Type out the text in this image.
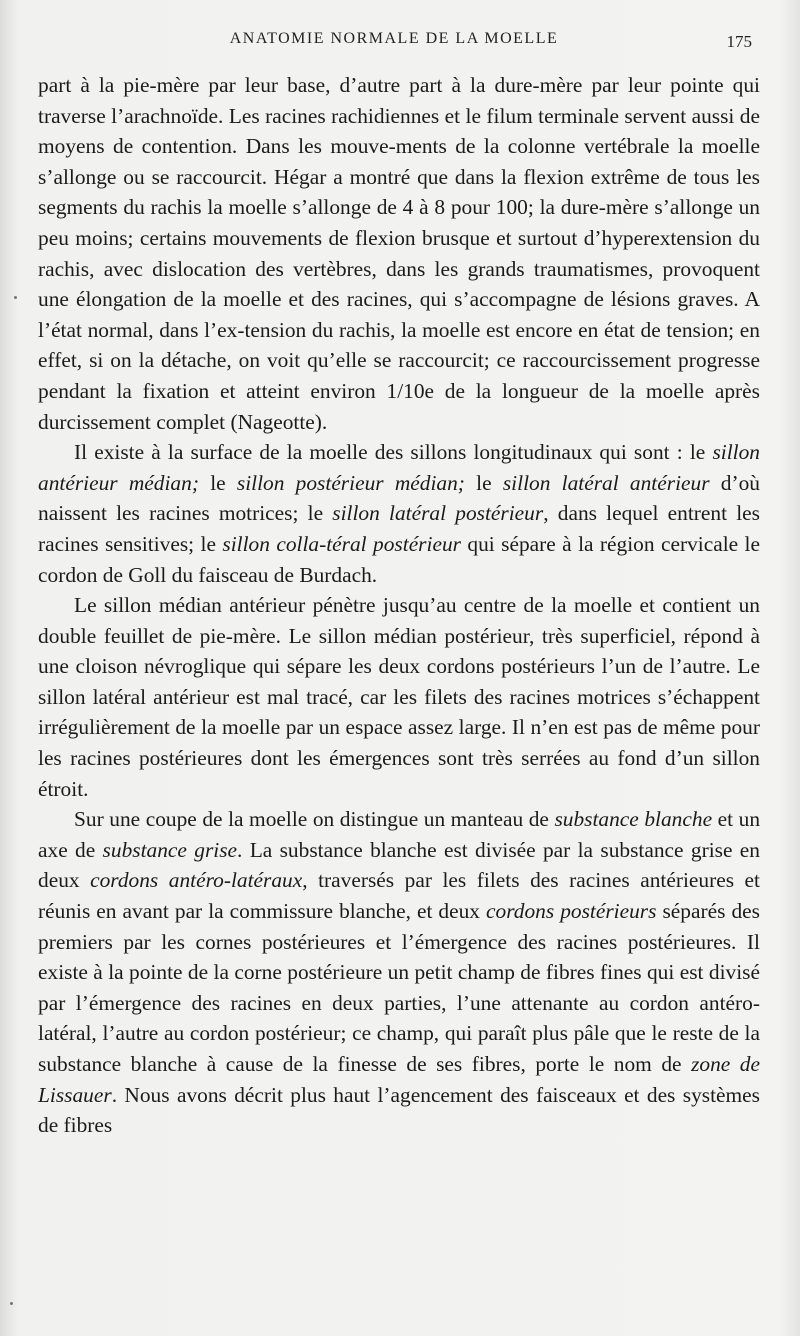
ANATOMIE NORMALE DE LA MOELLE	175

part à la pie-mère par leur base, d’autre part à la dure-mère par leur pointe qui traverse l’arachnoïde. Les racines rachidiennes et le filum terminale servent aussi de moyens de contention. Dans les mouve-ments de la colonne vertébrale la moelle s’allonge ou se raccourcit. Hégar a montré que dans la flexion extrême de tous les segments du rachis la moelle s’allonge de 4 à 8 pour 100; la dure-mère s’allonge un peu moins; certains mouvements de flexion brusque et surtout d’hyperextension du rachis, avec dislocation des vertèbres, dans les grands traumatismes, provoquent une élongation de la moelle et des racines, qui s’accompagne de lésions graves. A l’état normal, dans l’ex-tension du rachis, la moelle est encore en état de tension; en effet, si on la détache, on voit qu’elle se raccourcit; ce raccourcissement progresse pendant la fixation et atteint environ 1/10e de la longueur de la moelle après durcissement complet (Nageotte).

Il existe à la surface de la moelle des sillons longitudinaux qui sont : le sillon antérieur médian; le sillon postérieur médian; le sillon latéral antérieur d’où naissent les racines motrices; le sillon latéral postérieur, dans lequel entrent les racines sensitives; le sillon colla-téral postérieur qui sépare à la région cervicale le cordon de Goll du faisceau de Burdach.

Le sillon médian antérieur pénètre jusqu’au centre de la moelle et contient un double feuillet de pie-mère. Le sillon médian postérieur, très superficiel, répond à une cloison névroglique qui sépare les deux cordons postérieurs l’un de l’autre. Le sillon latéral antérieur est mal tracé, car les filets des racines motrices s’échappent irrégulièrement de la moelle par un espace assez large. Il n’en est pas de même pour les racines postérieures dont les émergences sont très serrées au fond d’un sillon étroit.

Sur une coupe de la moelle on distingue un manteau de substance blanche et un axe de substance grise. La substance blanche est divisée par la substance grise en deux cordons antéro-latéraux, traversés par les filets des racines antérieures et réunis en avant par la commissure blanche, et deux cordons postérieurs séparés des premiers par les cornes postérieures et l’émergence des racines postérieures. Il existe à la pointe de la corne postérieure un petit champ de fibres fines qui est divisé par l’émergence des racines en deux parties, l’une attenante au cordon antéro-latéral, l’autre au cordon postérieur; ce champ, qui paraît plus pâle que le reste de la substance blanche à cause de la finesse de ses fibres, porte le nom de zone de Lissauer. Nous avons décrit plus haut l’agencement des faisceaux et des systèmes de fibres
